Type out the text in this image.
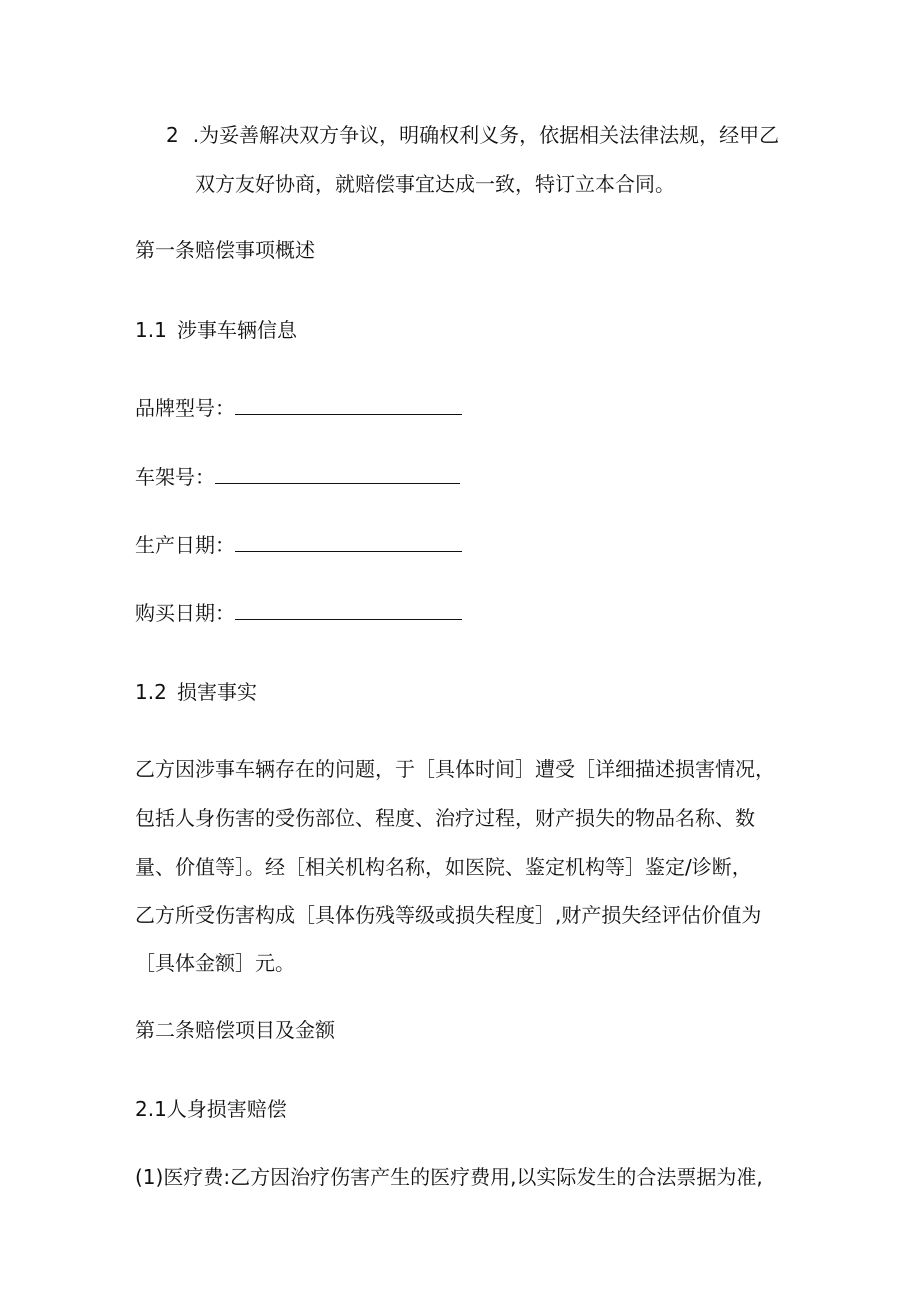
2 .为妥善解决双方争议，明确权利义务，依据相关法律法规，经甲乙
双方友好协商，就赔偿事宜达成一致，特订立本合同。
第一条赔偿事项概述
1.1 涉事车辆信息
品牌型号：
车架号：
生产日期：
购买日期：
1.2 损害事实
乙方因涉事车辆存在的问题，于［具体时间］遭受［详细描述损害情况，
包括人身伤害的受伤部位、程度、治疗过程，财产损失的物品名称、数
量、价值等］。经［相关机构名称，如医院、鉴定机构等］鉴定/诊断，
乙方所受伤害构成［具体伤残等级或损失程度］,财产损失经评估价值为
［具体金额］元。
第二条赔偿项目及金额
2.1人身损害赔偿
(1)医疗费:乙方因治疗伤害产生的医疗费用,以实际发生的合法票据为准,
